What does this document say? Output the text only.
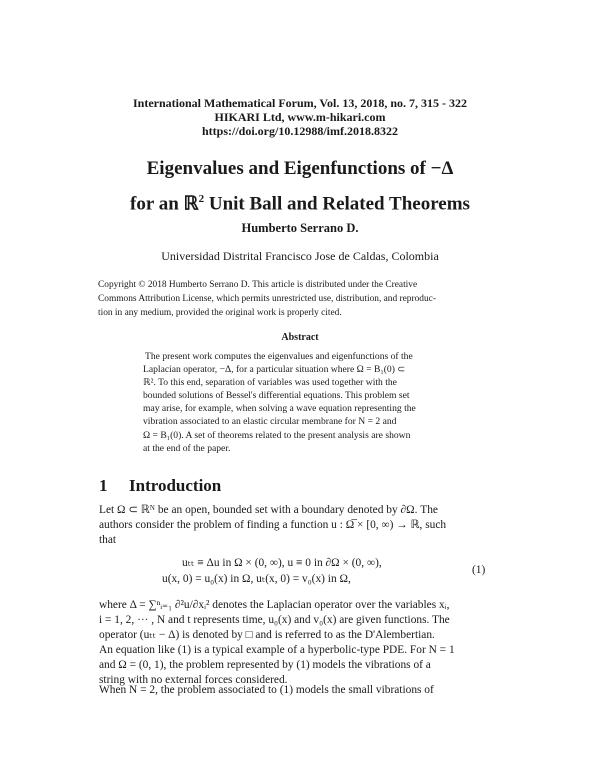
International Mathematical Forum, Vol. 13, 2018, no. 7, 315 - 322
HIKARI Ltd, www.m-hikari.com
https://doi.org/10.12988/imf.2018.8322
Eigenvalues and Eigenfunctions of −Δ
for an ℝ$^2$ Unit Ball and Related Theorems
Humberto Serrano D.
Universidad Distrital Francisco Jose de Caldas, Colombia
Copyright © 2018 Humberto Serrano D. This article is distributed under the Creative
Commons Attribution License, which permits unrestricted use, distribution, and reproduc-
tion in any medium, provided the original work is properly cited.
Abstract
The present work computes the eigenvalues and eigenfunctions of the
Laplacian operator, −Δ, for a particular situation where Ω = B₁(0) ⊂
ℝ². To this end, separation of variables was used together with the
bounded solutions of Bessel's differential equations. This problem set
may arise, for example, when solving a wave equation representing the
vibration associated to an elastic circular membrane for N = 2 and
Ω = B₁(0). A set of theorems related to the present analysis are shown
at the end of the paper.
1 Introduction
Let Ω ⊂ ℝᴺ be an open, bounded set with a boundary denoted by ∂Ω. The
authors consider the problem of finding a function u : Ω̅ × [0, ∞) → ℝ, such
that
uₜₜ ≡ Δu in Ω × (0, ∞), u ≡ 0 in ∂Ω × (0, ∞),
u(x, 0) = u₀(x) in Ω, uₜ(x, 0) = v₀(x) in Ω,
(1)
where Δ = ∑ⁿᵢ₌₁ ∂²u/∂xᵢ² denotes the Laplacian operator over the variables xᵢ,
i = 1, 2, ··· , N and t represents time, u₀(x) and v₀(x) are given functions. The
operator (uₜₜ − Δ) is denoted by □ and is referred to as the D'Alembertian.
An equation like (1) is a typical example of a hyperbolic-type PDE. For N = 1
and Ω = (0, 1), the problem represented by (1) models the vibrations of a
string with no external forces considered.
When N = 2, the problem associated to (1) models the small vibrations of
